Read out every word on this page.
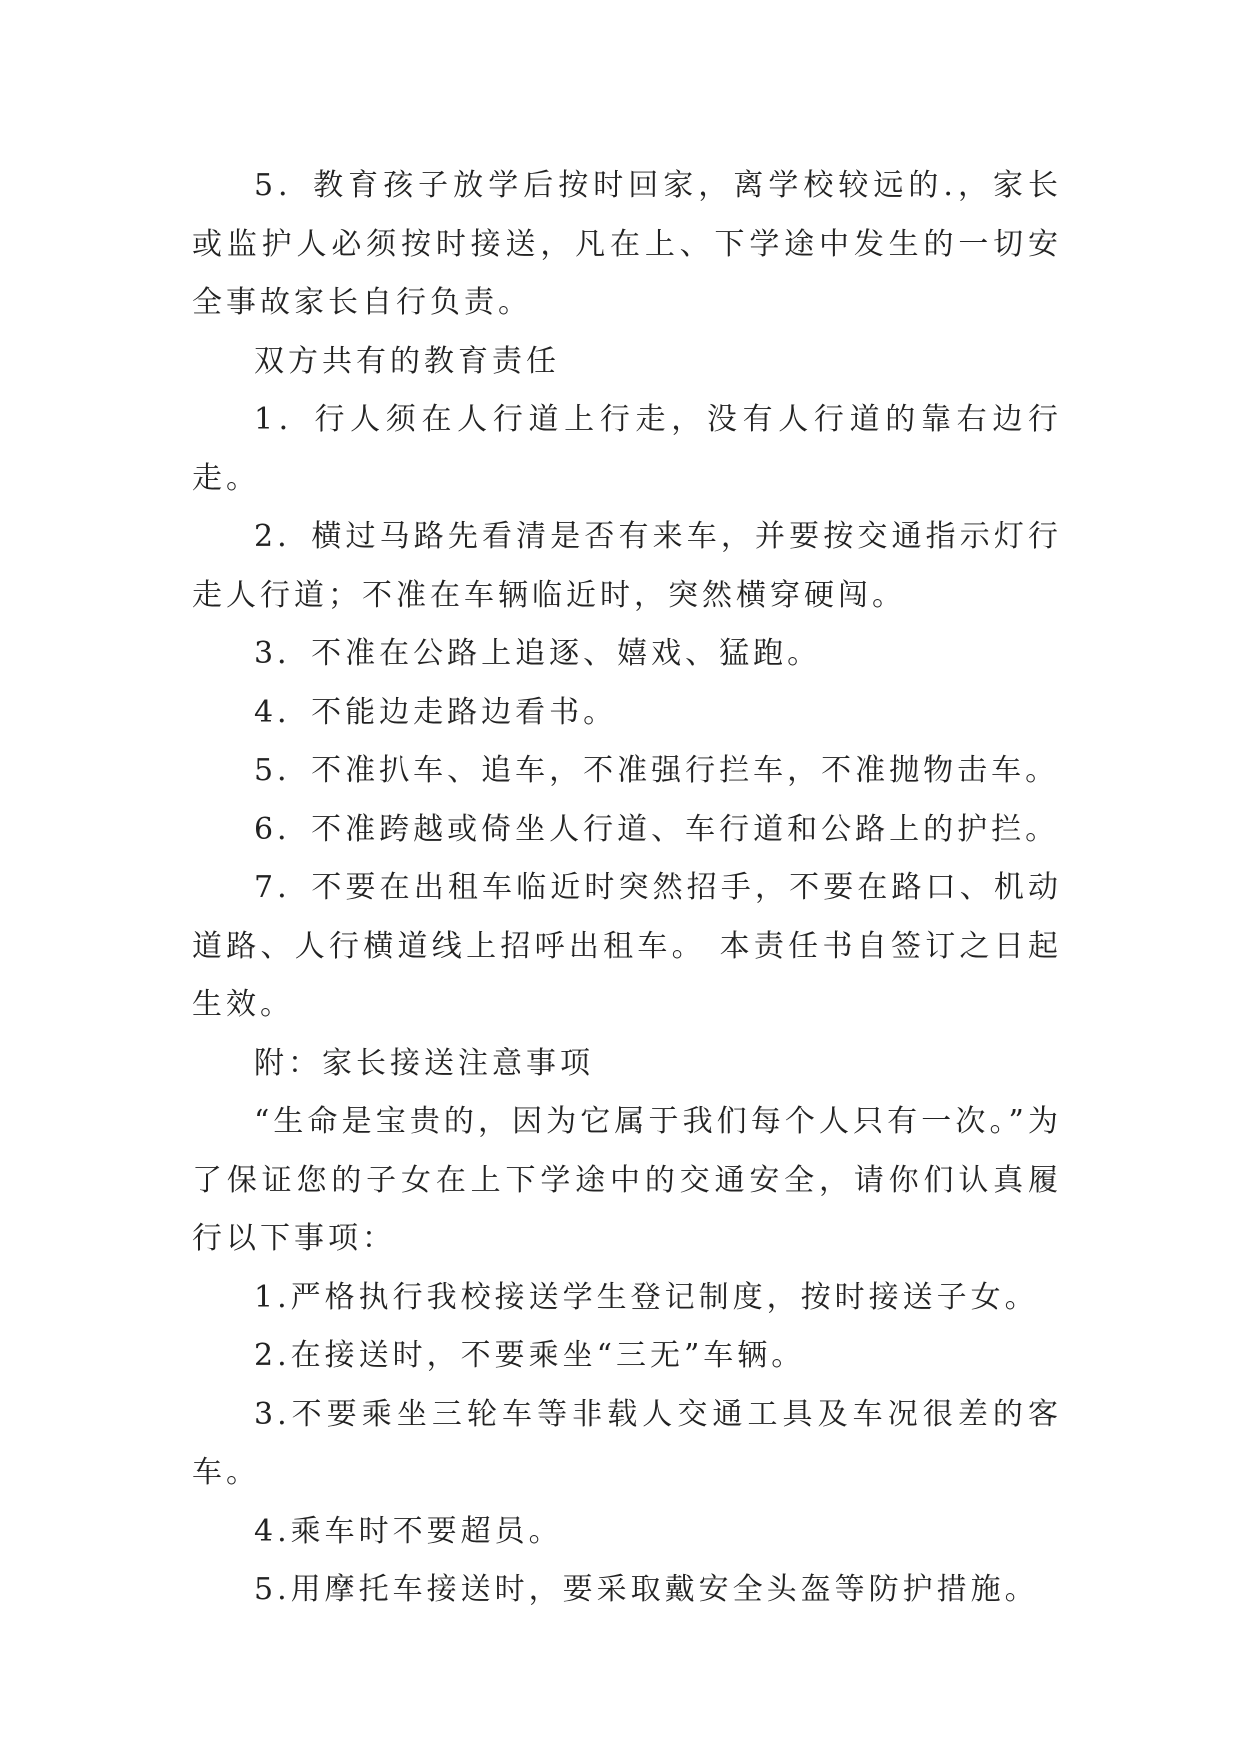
5．教育孩子放学后按时回家，离学校较远的.，家长或监护人必须按时接送，凡在上、下学途中发生的一切安全事故家长自行负责。

双方共有的教育责任

1．行人须在人行道上行走，没有人行道的靠右边行走。

2．横过马路先看清是否有来车，并要按交通指示灯行走人行道；不准在车辆临近时，突然横穿硬闯。

3．不准在公路上追逐、嬉戏、猛跑。

4．不能边走路边看书。

5．不准扒车、追车，不准强行拦车，不准抛物击车。

6．不准跨越或倚坐人行道、车行道和公路上的护拦。

7．不要在出租车临近时突然招手，不要在路口、机动道路、人行横道线上招呼出租车。 本责任书自签订之日起生效。

附：家长接送注意事项

“生命是宝贵的，因为它属于我们每个人只有一次。”为了保证您的子女在上下学途中的交通安全，请你们认真履行以下事项：

1.严格执行我校接送学生登记制度，按时接送子女。

2.在接送时，不要乘坐“三无”车辆。

3.不要乘坐三轮车等非载人交通工具及车况很差的客车。

4.乘车时不要超员。

5.用摩托车接送时，要采取戴安全头盔等防护措施。
